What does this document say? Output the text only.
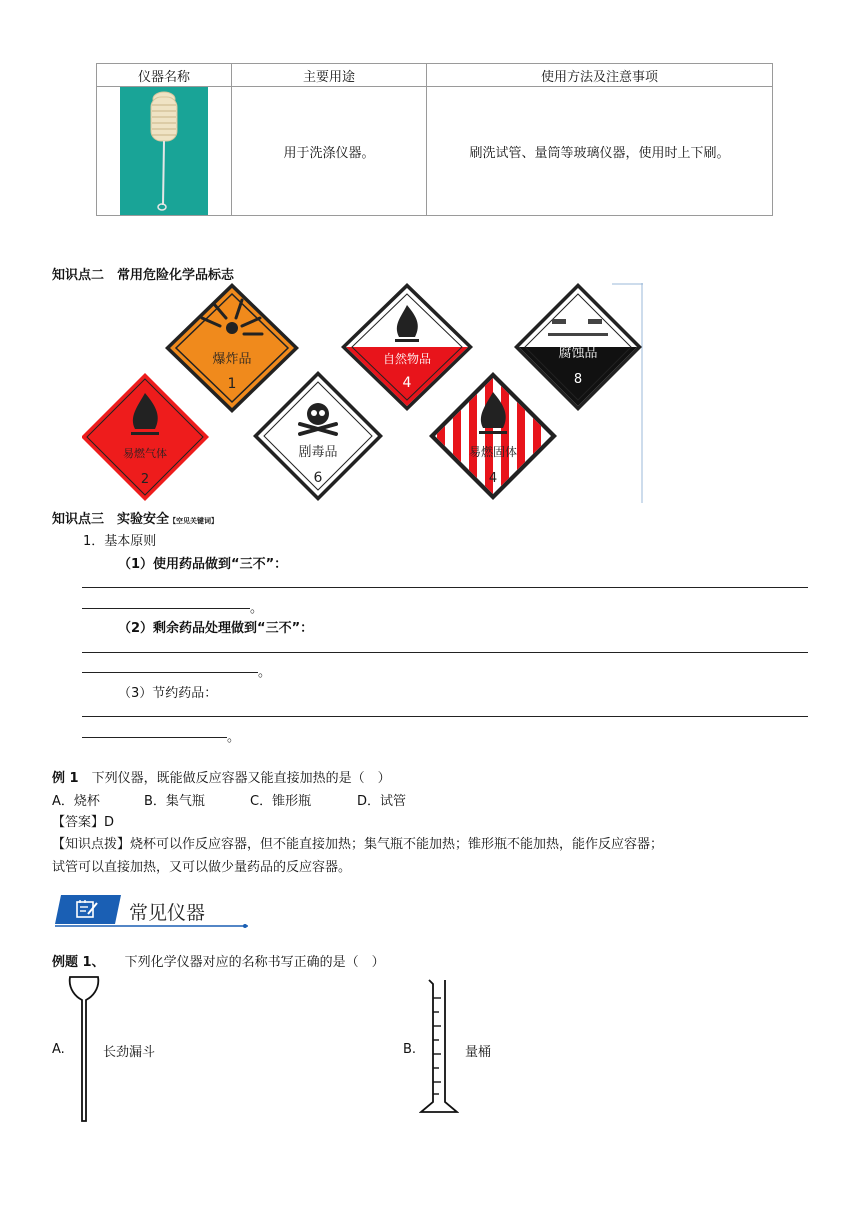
仪器名称	主要用途	使用方法及注意事项

	用于洗涤仪器。	刷洗试管、量筒等玻璃仪器，使用时上下刷。
知识点二　常用危险化学品标志
爆炸品
1
自然物品
4
腐蚀品
8
易燃气体
2
剧毒品
6
易燃固体
4
知识点三　实验安全【空见关键词】
1．基本原则
（1）使用药品做到“三不”：
。
（2）剩余药品处理做到“三不”：
。
（3）节约药品：
。
例 1　下列仪器，既能做反应容器又能直接加热的是（　）
A．烧杯	B．集气瓶	C．锥形瓶	D．试管
【答案】D
【知识点拨】烧杯可以作反应容器，但不能直接加热；集气瓶不能加热；锥形瓶不能加热，能作反应容器；
试管可以直接加热，又可以做少量药品的反应容器。
常见仪器
例题 1、 下列化学仪器对应的名称书写正确的是（　）
A.	长劲漏斗	B.	量桶
